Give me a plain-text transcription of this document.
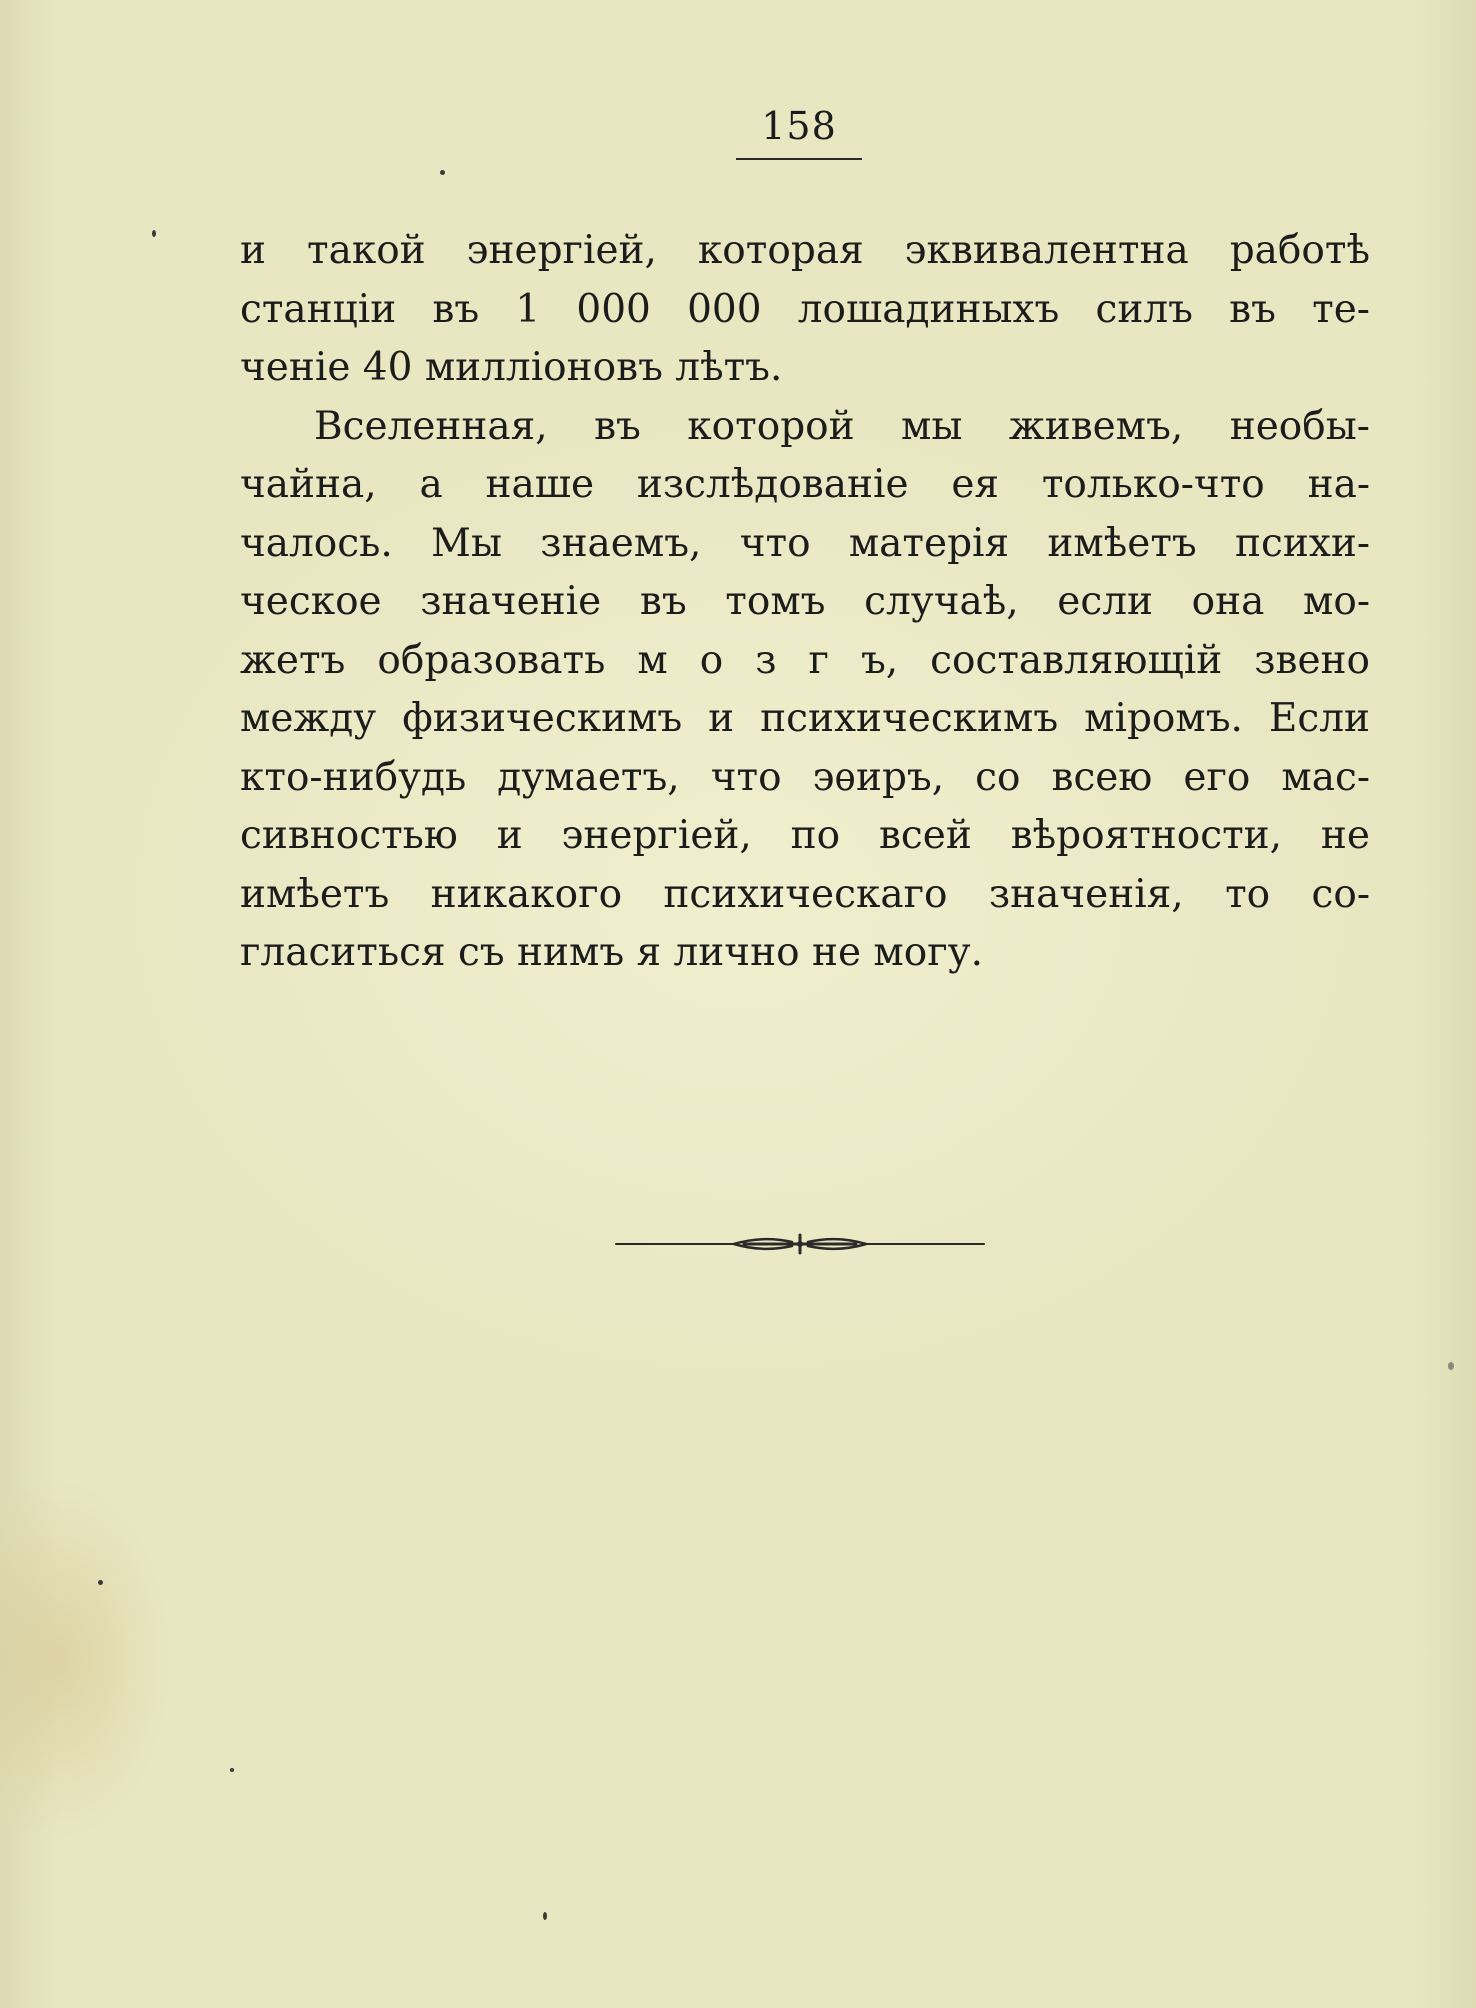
158
и такой энергіей, которая эквивалентна работѣ
станціи въ 1 000 000 лошадиныхъ силъ въ те-
ченіе 40 милліоновъ лѣтъ.
Вселенная, въ которой мы живемъ, необы-
чайна, а наше изслѣдованіе ея только-что на-
чалось. Мы знаемъ, что матерія имѣетъ психи-
ческое значеніе въ томъ случаѣ, если она мо-
жетъ образовать м о з г ъ, составляющій звено
между физическимъ и психическимъ міромъ. Если
кто-нибудь думаетъ, что эѳиръ, со всею его мас-
сивностью и энергіей, по всей вѣроятности, не
имѣетъ никакого психическаго значенія, то со-
гласиться съ нимъ я лично не могу.
